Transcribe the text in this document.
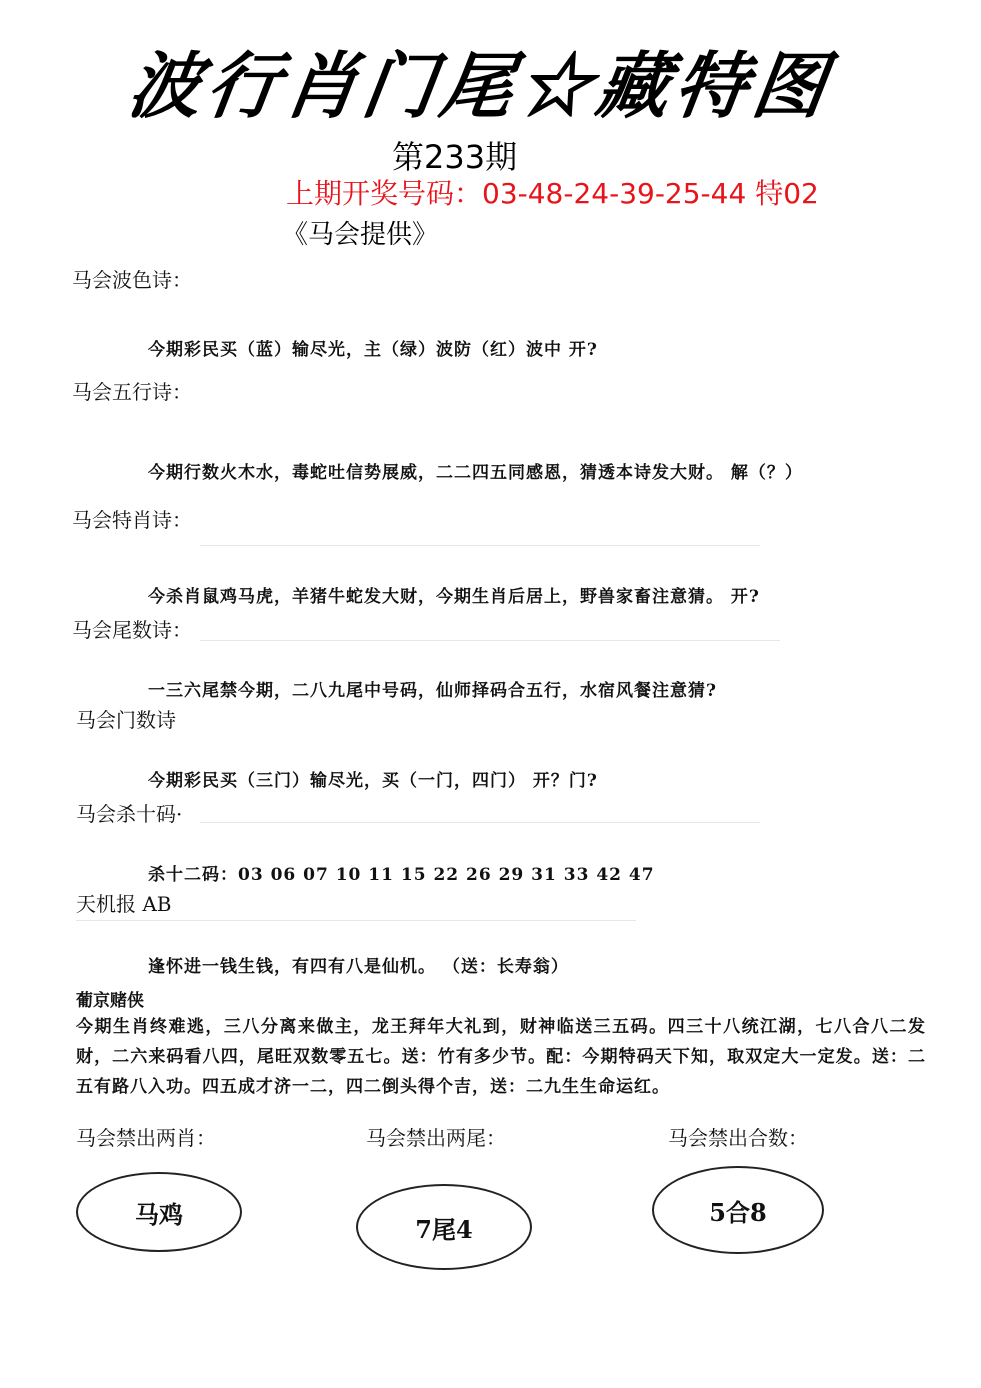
波行肖门尾☆藏特图
第233期
上期开奖号码：03-48-24-39-25-44 特02
《马会提供》
马会波色诗：
今期彩民买（蓝）输尽光，主（绿）波防（红）波中 开?
马会五行诗：
今期行数火木水，毒蛇吐信势展威，二二四五同感恩，猜透本诗发大财。 解（？）
马会特肖诗：
今杀肖鼠鸡马虎，羊猪牛蛇发大财，今期生肖后居上，野兽家畜注意猜。 开?
马会尾数诗：
一三六尾禁今期，二八九尾中号码，仙师择码合五行，水宿风餐注意猜?
马会门数诗
今期彩民买（三门）输尽光，买（一门，四门） 开？门?
马会杀十码·
杀十二码：03 06 07 10 11 15 22 26 29 31 33 42 47
天机报 AB
逢怀进一钱生钱，有四有八是仙机。 （送：长寿翁）
葡京赌侠
今期生肖终难逃，三八分离来做主，龙王拜年大礼到，财神临送三五码。四三十八统江湖，七八合八二发财，二六来码看八四，尾旺双数零五七。送：竹有多少节。配：今期特码天下知，取双定大一定发。送：二五有路八入功。四五成才济一二，四二倒头得个吉，送：二九生生命运红。
马会禁出两肖：	马会禁出两尾：	马会禁出合数：
马鸡
7尾4
5合8
